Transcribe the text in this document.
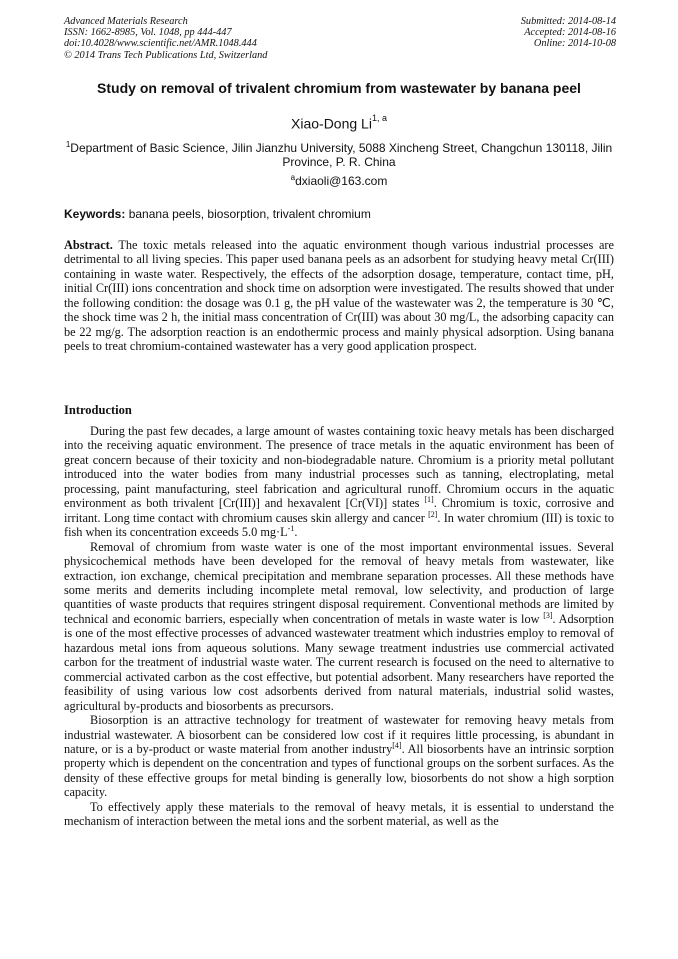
Advanced Materials Research
ISSN: 1662-8985, Vol. 1048, pp 444-447
doi:10.4028/www.scientific.net/AMR.1048.444
© 2014 Trans Tech Publications Ltd, Switzerland
Submitted: 2014-08-14
Accepted: 2014-08-16
Online: 2014-10-08
Study on removal of trivalent chromium from wastewater by banana peel
Xiao-Dong Li$^{1, a}$
$^1$Department of Basic Science, Jilin Jianzhu University, 5088 Xincheng Street, Changchun 130118, Jilin Province, P. R. China
$^a$dxiaoli@163.com
Keywords: banana peels, biosorption, trivalent chromium
Abstract. The toxic metals released into the aquatic environment though various industrial processes are detrimental to all living species. This paper used banana peels as an adsorbent for studying heavy metal Cr(III) containing in waste water. Respectively, the effects of the adsorption dosage, temperature, contact time, pH, initial Cr(III) ions concentration and shock time on adsorption were investigated. The results showed that under the following condition: the dosage was 0.1 g, the pH value of the wastewater was 2, the temperature is 30 ℃, the shock time was 2 h, the initial mass concentration of Cr(III) was about 30 mg/L, the adsorbing capacity can be 22 mg/g. The adsorption reaction is an endothermic process and mainly physical adsorption. Using banana peels to treat chromium-contained wastewater has a very good application prospect.
Introduction

During the past few decades, a large amount of wastes containing toxic heavy metals has been discharged into the receiving aquatic environment. The presence of trace metals in the aquatic environment has been of great concern because of their toxicity and non-biodegradable nature. Chromium is a priority metal pollutant introduced into the water bodies from many industrial processes such as tanning, electroplating, metal processing, paint manufacturing, steel fabrication and agricultural runoff. Chromium occurs in the aquatic environment as both trivalent [Cr(III)] and hexavalent [Cr(VI)] states [1]. Chromium is toxic, corrosive and irritant. Long time contact with chromium causes skin allergy and cancer [2]. In water chromium (III) is toxic to fish when its concentration exceeds 5.0 mg·L$^{-1}$.

Removal of chromium from waste water is one of the most important environmental issues. Several physicochemical methods have been developed for the removal of heavy metals from wastewater, like extraction, ion exchange, chemical precipitation and membrane separation processes. All these methods have some merits and demerits including incomplete metal removal, low selectivity, and production of large quantities of waste products that requires stringent disposal requirement. Conventional methods are limited by technical and economic barriers, especially when concentration of metals in waste water is low [3]. Adsorption is one of the most effective processes of advanced wastewater treatment which industries employ to removal of hazardous metal ions from aqueous solutions. Many sewage treatment industries use commercial activated carbon for the treatment of industrial waste water. The current research is focused on the need to alternative to commercial activated carbon as the cost effective, but potential adsorbent. Many researchers have reported the feasibility of using various low cost adsorbents derived from natural materials, industrial solid wastes, agricultural by-products and biosorbents as precursors.

Biosorption is an attractive technology for treatment of wastewater for removing heavy metals from industrial wastewater. A biosorbent can be considered low cost if it requires little processing, is abundant in nature, or is a by-product or waste material from another industry[4]. All biosorbents have an intrinsic sorption property which is dependent on the concentration and types of functional groups on the sorbent surfaces. As the density of these effective groups for metal binding is generally low, biosorbents do not show a high sorption capacity.

To effectively apply these materials to the removal of heavy metals, it is essential to understand the mechanism of interaction between the metal ions and the sorbent material, as well as the
